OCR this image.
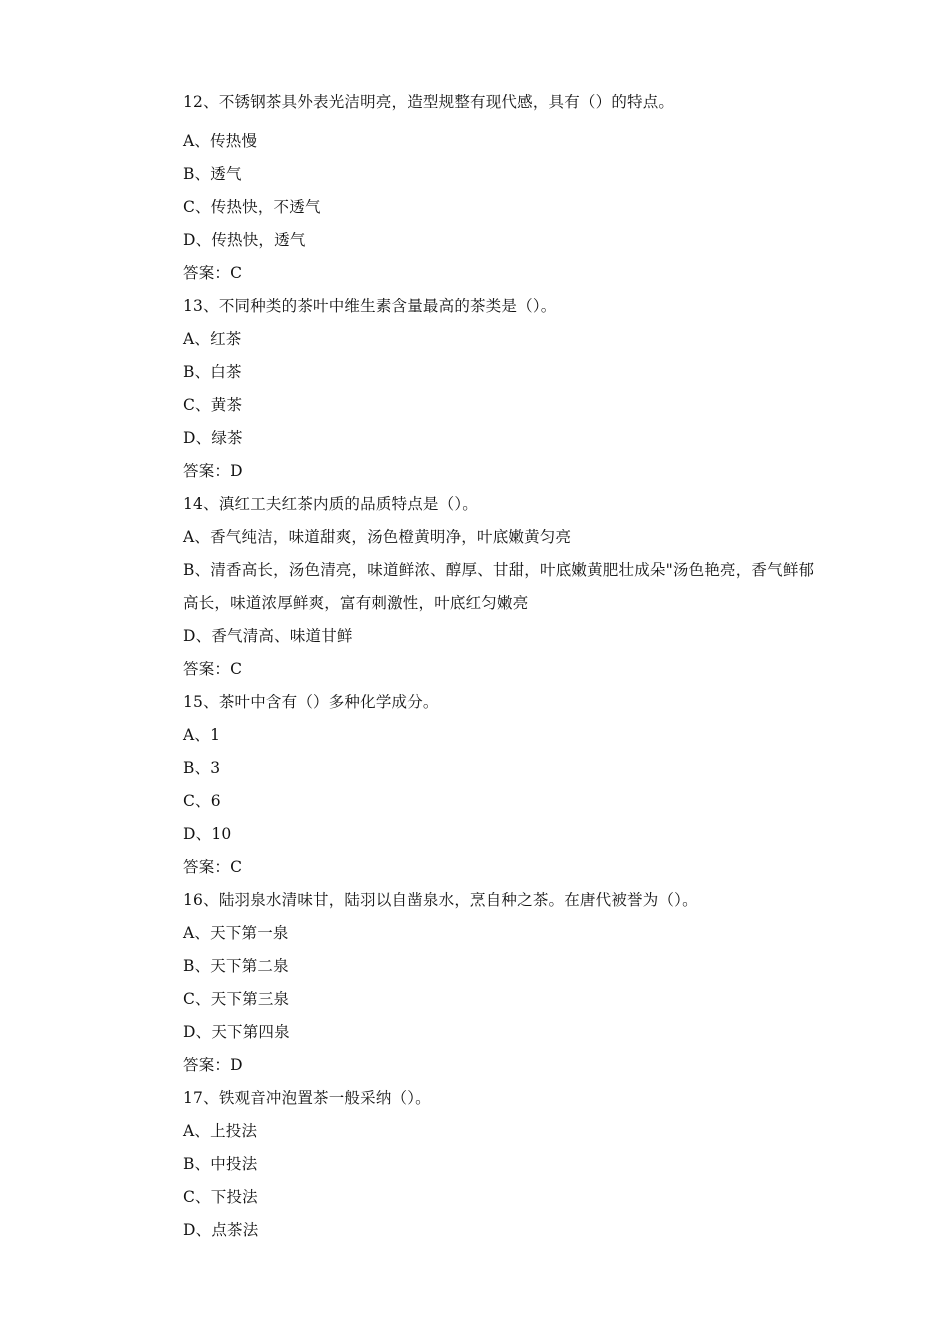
12、不锈钢茶具外表光洁明亮，造型规整有现代感，具有（）的特点。
A、传热慢
B、透气
C、传热快，不透气
D、传热快，透气
答案：C
13、不同种类的茶叶中维生素含量最高的茶类是（）。
A、红茶
B、白茶
C、黄茶
D、绿茶
答案：D
14、滇红工夫红茶内质的品质特点是（）。
A、香气纯洁，味道甜爽，汤色橙黄明净，叶底嫩黄匀亮
B、清香高长，汤色清亮，味道鲜浓、醇厚、甘甜，叶底嫩黄肥壮成朵"汤色艳亮，香气鲜郁高长，味道浓厚鲜爽，富有刺激性，叶底红匀嫩亮
D、香气清高、味道甘鲜
答案：C
15、茶叶中含有（）多种化学成分。
A、1
B、3
C、6
D、10
答案：C
16、陆羽泉水清味甘，陆羽以自凿泉水，烹自种之茶。在唐代被誉为（）。
A、天下第一泉
B、天下第二泉
C、天下第三泉
D、天下第四泉
答案：D
17、铁观音冲泡置茶一般采纳（）。
A、上投法
B、中投法
C、下投法
D、点茶法
